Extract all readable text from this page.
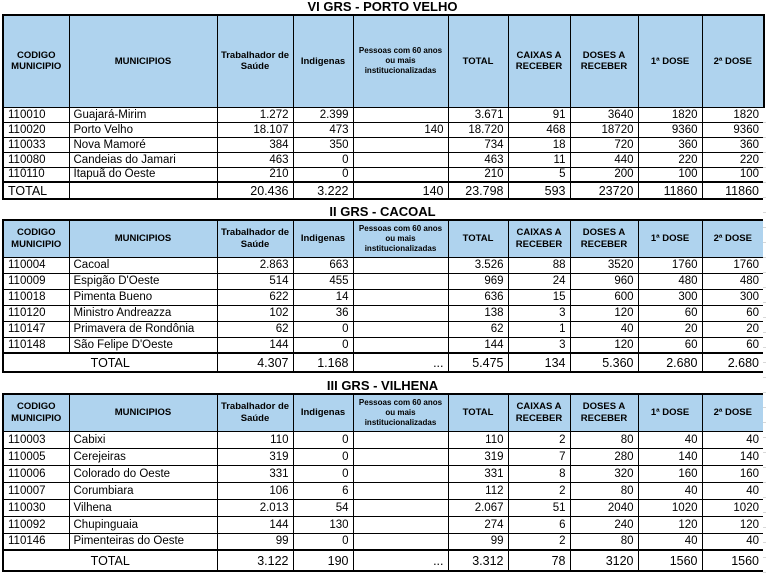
VI GRS - PORTO VELHO
CODIGO MUNICIPIO	MUNICIPIOS	Trabalhador de Saúde	Indigenas	Pessoas com 60 anos ou mais institucionalizadas	TOTAL	CAIXAS A RECEBER	DOSES A RECEBER	1ª DOSE	2ª DOSE
110010	Guajará-Mirim	1.272	2.399		3.671	91	3640	1820	1820
110020	Porto Velho	18.107	473	140	18.720	468	18720	9360	9360
110033	Nova Mamoré	384	350		734	18	720	360	360
110080	Candeias do Jamari	463	0		463	11	440	220	220
110110	Itapuã do Oeste	210	0		210	5	200	100	100
TOTAL		20.436	3.222	140	23.798	593	23720	11860	11860
II GRS - CACOAL
CODIGO MUNICIPIO	MUNICIPIOS	Trabalhador de Saúde	Indigenas	Pessoas com 60 anos ou mais institucionalizadas	TOTAL	CAIXAS A RECEBER	DOSES A RECEBER	1ª DOSE	2ª DOSE
110004	Cacoal	2.863	663		3.526	88	3520	1760	1760
110009	Espigão D'Oeste	514	455		969	24	960	480	480
110018	Pimenta Bueno	622	14		636	15	600	300	300
110120	Ministro Andreazza	102	36		138	3	120	60	60
110147	Primavera de Rondônia	62	0		62	1	40	20	20
110148	São Felipe D'Oeste	144	0		144	3	120	60	60
TOTAL		4.307	1.168	...	5.475	134	5.360	2.680	2.680
III GRS - VILHENA
CODIGO MUNICIPIO	MUNICIPIOS	Trabalhador de Saúde	Indigenas	Pessoas com 60 anos ou mais institucionalizadas	TOTAL	CAIXAS A RECEBER	DOSES A RECEBER	1ª DOSE	2ª DOSE
110003	Cabixi	110	0		110	2	80	40	40
110005	Cerejeiras	319	0		319	7	280	140	140
110006	Colorado do Oeste	331	0		331	8	320	160	160
110007	Corumbiara	106	6		112	2	80	40	40
110030	Vilhena	2.013	54		2.067	51	2040	1020	1020
110092	Chupinguaia	144	130		274	6	240	120	120
110146	Pimenteiras do Oeste	99	0		99	2	80	40	40
TOTAL		3.122	190	...	3.312	78	3120	1560	1560
